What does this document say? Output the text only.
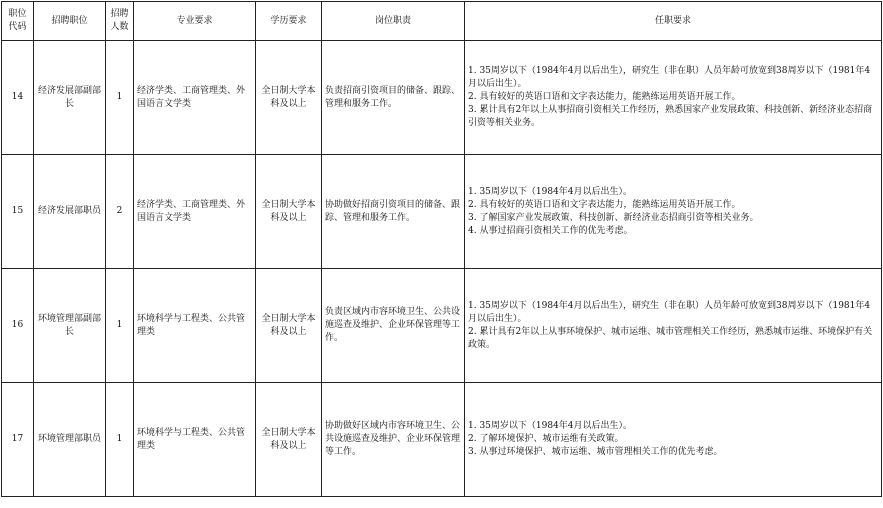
职位代码	招聘职位	招聘人数	专业要求	学历要求	岗位职责	任职要求
14	经济发展部副部长	1	经济学类、工商管理类、外国语言文学类	全日制大学本科及以上	负责招商引资项目的储备、跟踪、管理和服务工作。	1. 35周岁以下（1984年4月以后出生），研究生（非在职）人员年龄可放宽到38周岁以下（1981年4月以后出生）。
2. 具有较好的英语口语和文字表达能力，能熟练运用英语开展工作。
3. 累计具有2年以上从事招商引资相关工作经历，熟悉国家产业发展政策、科技创新、新经济业态招商引资等相关业务。

15	经济发展部职员	2	经济学类、工商管理类、外国语言文学类	全日制大学本科及以上	协助做好招商引资项目的储备、跟踪、管理和服务工作。	1. 35周岁以下（1984年4月以后出生）。
2. 具有较好的英语口语和文字表达能力，能熟练运用英语开展工作。
3. 了解国家产业发展政策、科技创新、新经济业态招商引资等相关业务。
4. 从事过招商引资相关工作的优先考虑。

16	环境管理部副部长	1	环境科学与工程类、公共管理类	全日制大学本科及以上	负责区域内市容环境卫生、公共设施巡查及维护、企业环保管理等工作。	1. 35周岁以下（1984年4月以后出生），研究生（非在职）人员年龄可放宽到38周岁以下（1981年4月以后出生）。
2. 累计具有2年以上从事环境保护、城市运维、城市管理相关工作经历，熟悉城市运维、环境保护有关政策。

17	环境管理部职员	1	环境科学与工程类、公共管理类	全日制大学本科及以上	协助做好区域内市容环境卫生、公共设施巡查及维护、企业环保管理等工作。	1. 35周岁以下（1984年4月以后出生）。
2. 了解环境保护、城市运维有关政策。
3. 从事过环境保护、城市运维、城市管理相关工作的优先考虑。
